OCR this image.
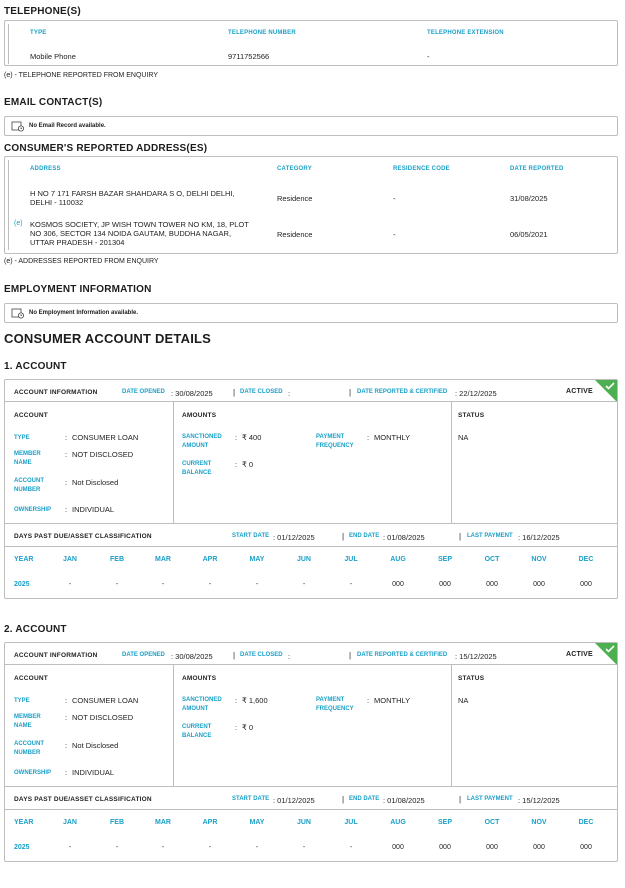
TELEPHONE(S)
TYPE	TELEPHONE NUMBER	TELEPHONE EXTENSION
Mobile Phone	9711752566	-
(e) - TELEPHONE REPORTED FROM ENQUIRY
EMAIL CONTACT(S)
No Email Record available.
CONSUMER'S REPORTED ADDRESS(ES)
ADDRESS	CATEGORY	RESIDENCE CODE	DATE REPORTED
H NO 7 171 FARSH BAZAR SHAHDARA S O, DELHI DELHI,
DELHI - 110032	Residence	-	31/08/2025
(e) KOSMOS SOCIETY, JP WISH TOWN TOWER NO KM, 18, PLOT
NO 306, SECTOR 134 NOIDA GAUTAM, BUDDHA NAGAR,
UTTAR PRADESH - 201304
Residence	-	06/05/2021
(e) - ADDRESSES REPORTED FROM ENQUIRY
EMPLOYMENT INFORMATION
No Employment Information available.
CONSUMER ACCOUNT DETAILS
1. ACCOUNT
ACCOUNT INFORMATION	DATE OPENED : 30/08/2025	| DATE CLOSED :	| DATE REPORTED & CERTIFIED : 22/12/2025	ACTIVE
ACCOUNT
TYPE	: CONSUMER LOAN
MEMBER NAME
: NOT DISCLOSED
ACCOUNT NUMBER
: Not Disclosed
OWNERSHIP : INDIVIDUAL
AMOUNTS
SANCTIONED AMOUNT
: ₹ 400
CURRENT BALANCE
: ₹ 0
PAYMENT FREQUENCY
: MONTHLY
STATUS
NA
DAYS PAST DUE/ASSET CLASSIFICATION	START DATE : 01/12/2025	| END DATE : 01/08/2025	| LAST PAYMENT : 16/12/2025
YEAR	JAN	FEB	MAR	APR	MAY	JUN	JUL	AUG	SEP	OCT	NOV	DEC
2025	-	-	-	-	-	-	-	000	000	000	000	000
2. ACCOUNT
ACCOUNT INFORMATION	DATE OPENED : 30/08/2025	| DATE CLOSED :	| DATE REPORTED & CERTIFIED : 15/12/2025	ACTIVE
ACCOUNT
TYPE	: CONSUMER LOAN
MEMBER NAME
: NOT DISCLOSED
ACCOUNT NUMBER
: Not Disclosed
OWNERSHIP : INDIVIDUAL
AMOUNTS
SANCTIONED AMOUNT
: ₹ 1,600
CURRENT BALANCE
: ₹ 0
PAYMENT FREQUENCY
: MONTHLY
STATUS
NA
DAYS PAST DUE/ASSET CLASSIFICATION	START DATE : 01/12/2025	| END DATE : 01/08/2025	| LAST PAYMENT : 15/12/2025
YEAR	JAN	FEB	MAR	APR	MAY	JUN	JUL	AUG	SEP	OCT	NOV	DEC
2025	-	-	-	-	-	-	-	000	000	000	000	000
